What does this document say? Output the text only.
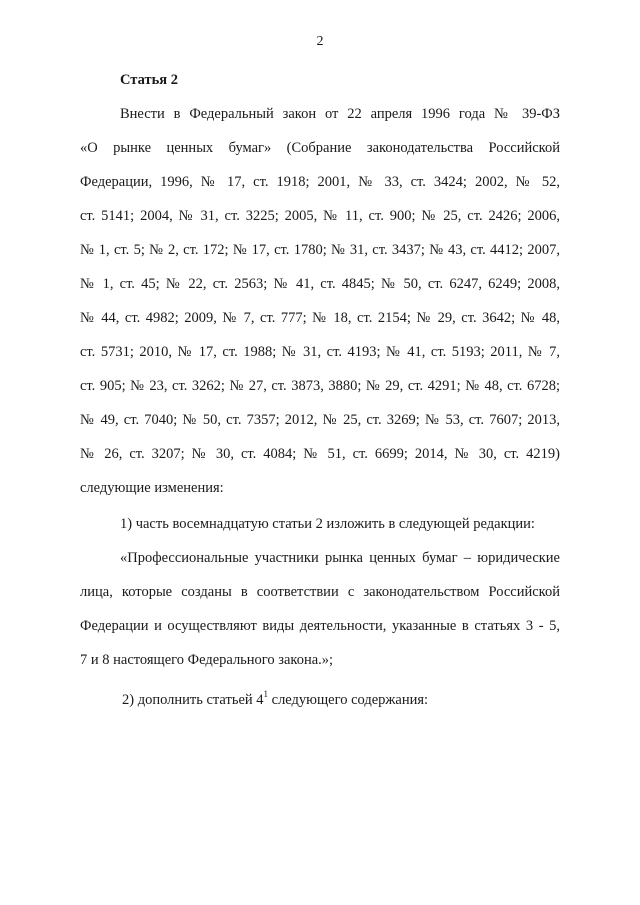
2
Статья 2
Внести в Федеральный закон от 22 апреля 1996 года № 39-ФЗ
«О рынке ценных бумаг» (Собрание законодательства Российской
Федерации, 1996, № 17, ст. 1918; 2001, № 33, ст. 3424; 2002, № 52,
ст. 5141; 2004, № 31, ст. 3225; 2005, № 11, ст. 900; № 25, ст. 2426; 2006,
№ 1, ст. 5; № 2, ст. 172; № 17, ст. 1780; № 31, ст. 3437; № 43, ст. 4412; 2007,
№ 1, ст. 45; № 22, ст. 2563; № 41, ст. 4845; № 50, ст. 6247, 6249; 2008,
№ 44, ст. 4982; 2009, № 7, ст. 777; № 18, ст. 2154; № 29, ст. 3642; № 48,
ст. 5731; 2010, № 17, ст. 1988; № 31, ст. 4193; № 41, ст. 5193; 2011, № 7,
ст. 905; № 23, ст. 3262; № 27, ст. 3873, 3880; № 29, ст. 4291; № 48, ст. 6728;
№ 49, ст. 7040; № 50, ст. 7357; 2012, № 25, ст. 3269; № 53, ст. 7607; 2013,
№ 26, ст. 3207; № 30, ст. 4084; № 51, ст. 6699; 2014, № 30, ст. 4219)
следующие изменения:
1) часть восемнадцатую статьи 2 изложить в следующей редакции:
«Профессиональные участники рынка ценных бумаг – юридические
лица, которые созданы в соответствии с законодательством Российской
Федерации и осуществляют виды деятельности, указанные в статьях 3 - 5,
7 и 8 настоящего Федерального закона.»;
2) дополнить статьей $4^1$ следующего содержания:
